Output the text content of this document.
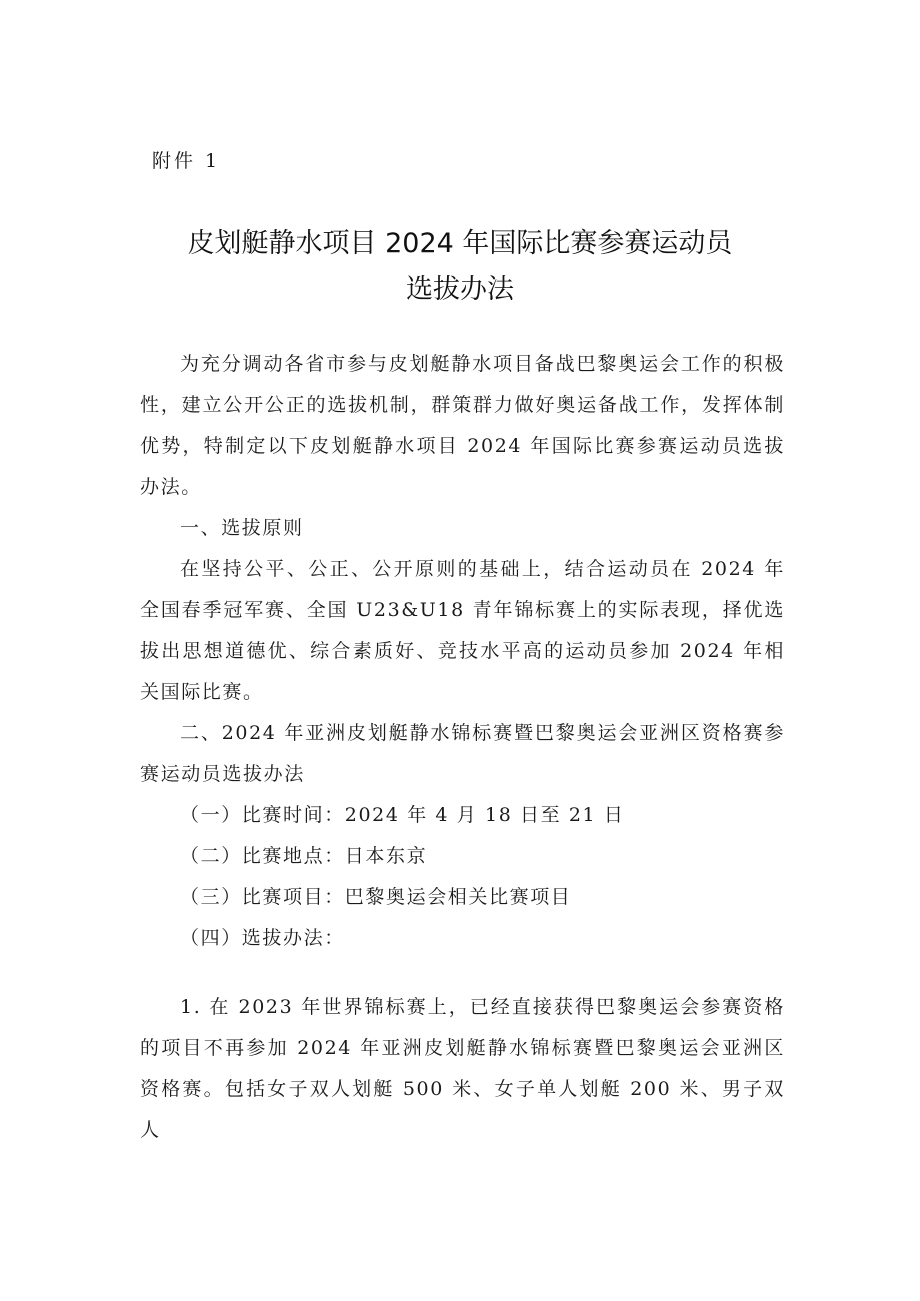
附件 1
皮划艇静水项目 2024 年国际比赛参赛运动员
选拔办法

为充分调动各省市参与皮划艇静水项目备战巴黎奥运会工作的积极性，建立公开公正的选拔机制，群策群力做好奥运备战工作，发挥体制优势，特制定以下皮划艇静水项目 2024 年国际比赛参赛运动员选拔办法。

一、选拔原则

在坚持公平、公正、公开原则的基础上，结合运动员在 2024 年全国春季冠军赛、全国 U23&U18 青年锦标赛上的实际表现，择优选拔出思想道德优、综合素质好、竞技水平高的运动员参加 2024 年相关国际比赛。

二、2024 年亚洲皮划艇静水锦标赛暨巴黎奥运会亚洲区资格赛参赛运动员选拔办法

（一）比赛时间：2024 年 4 月 18 日至 21 日

（二）比赛地点：日本东京

（三）比赛项目：巴黎奥运会相关比赛项目

（四）选拔办法：

1. 在 2023 年世界锦标赛上，已经直接获得巴黎奥运会参赛资格的项目不再参加 2024 年亚洲皮划艇静水锦标赛暨巴黎奥运会亚洲区资格赛。包括女子双人划艇 500 米、女子单人划艇 200 米、男子双人
